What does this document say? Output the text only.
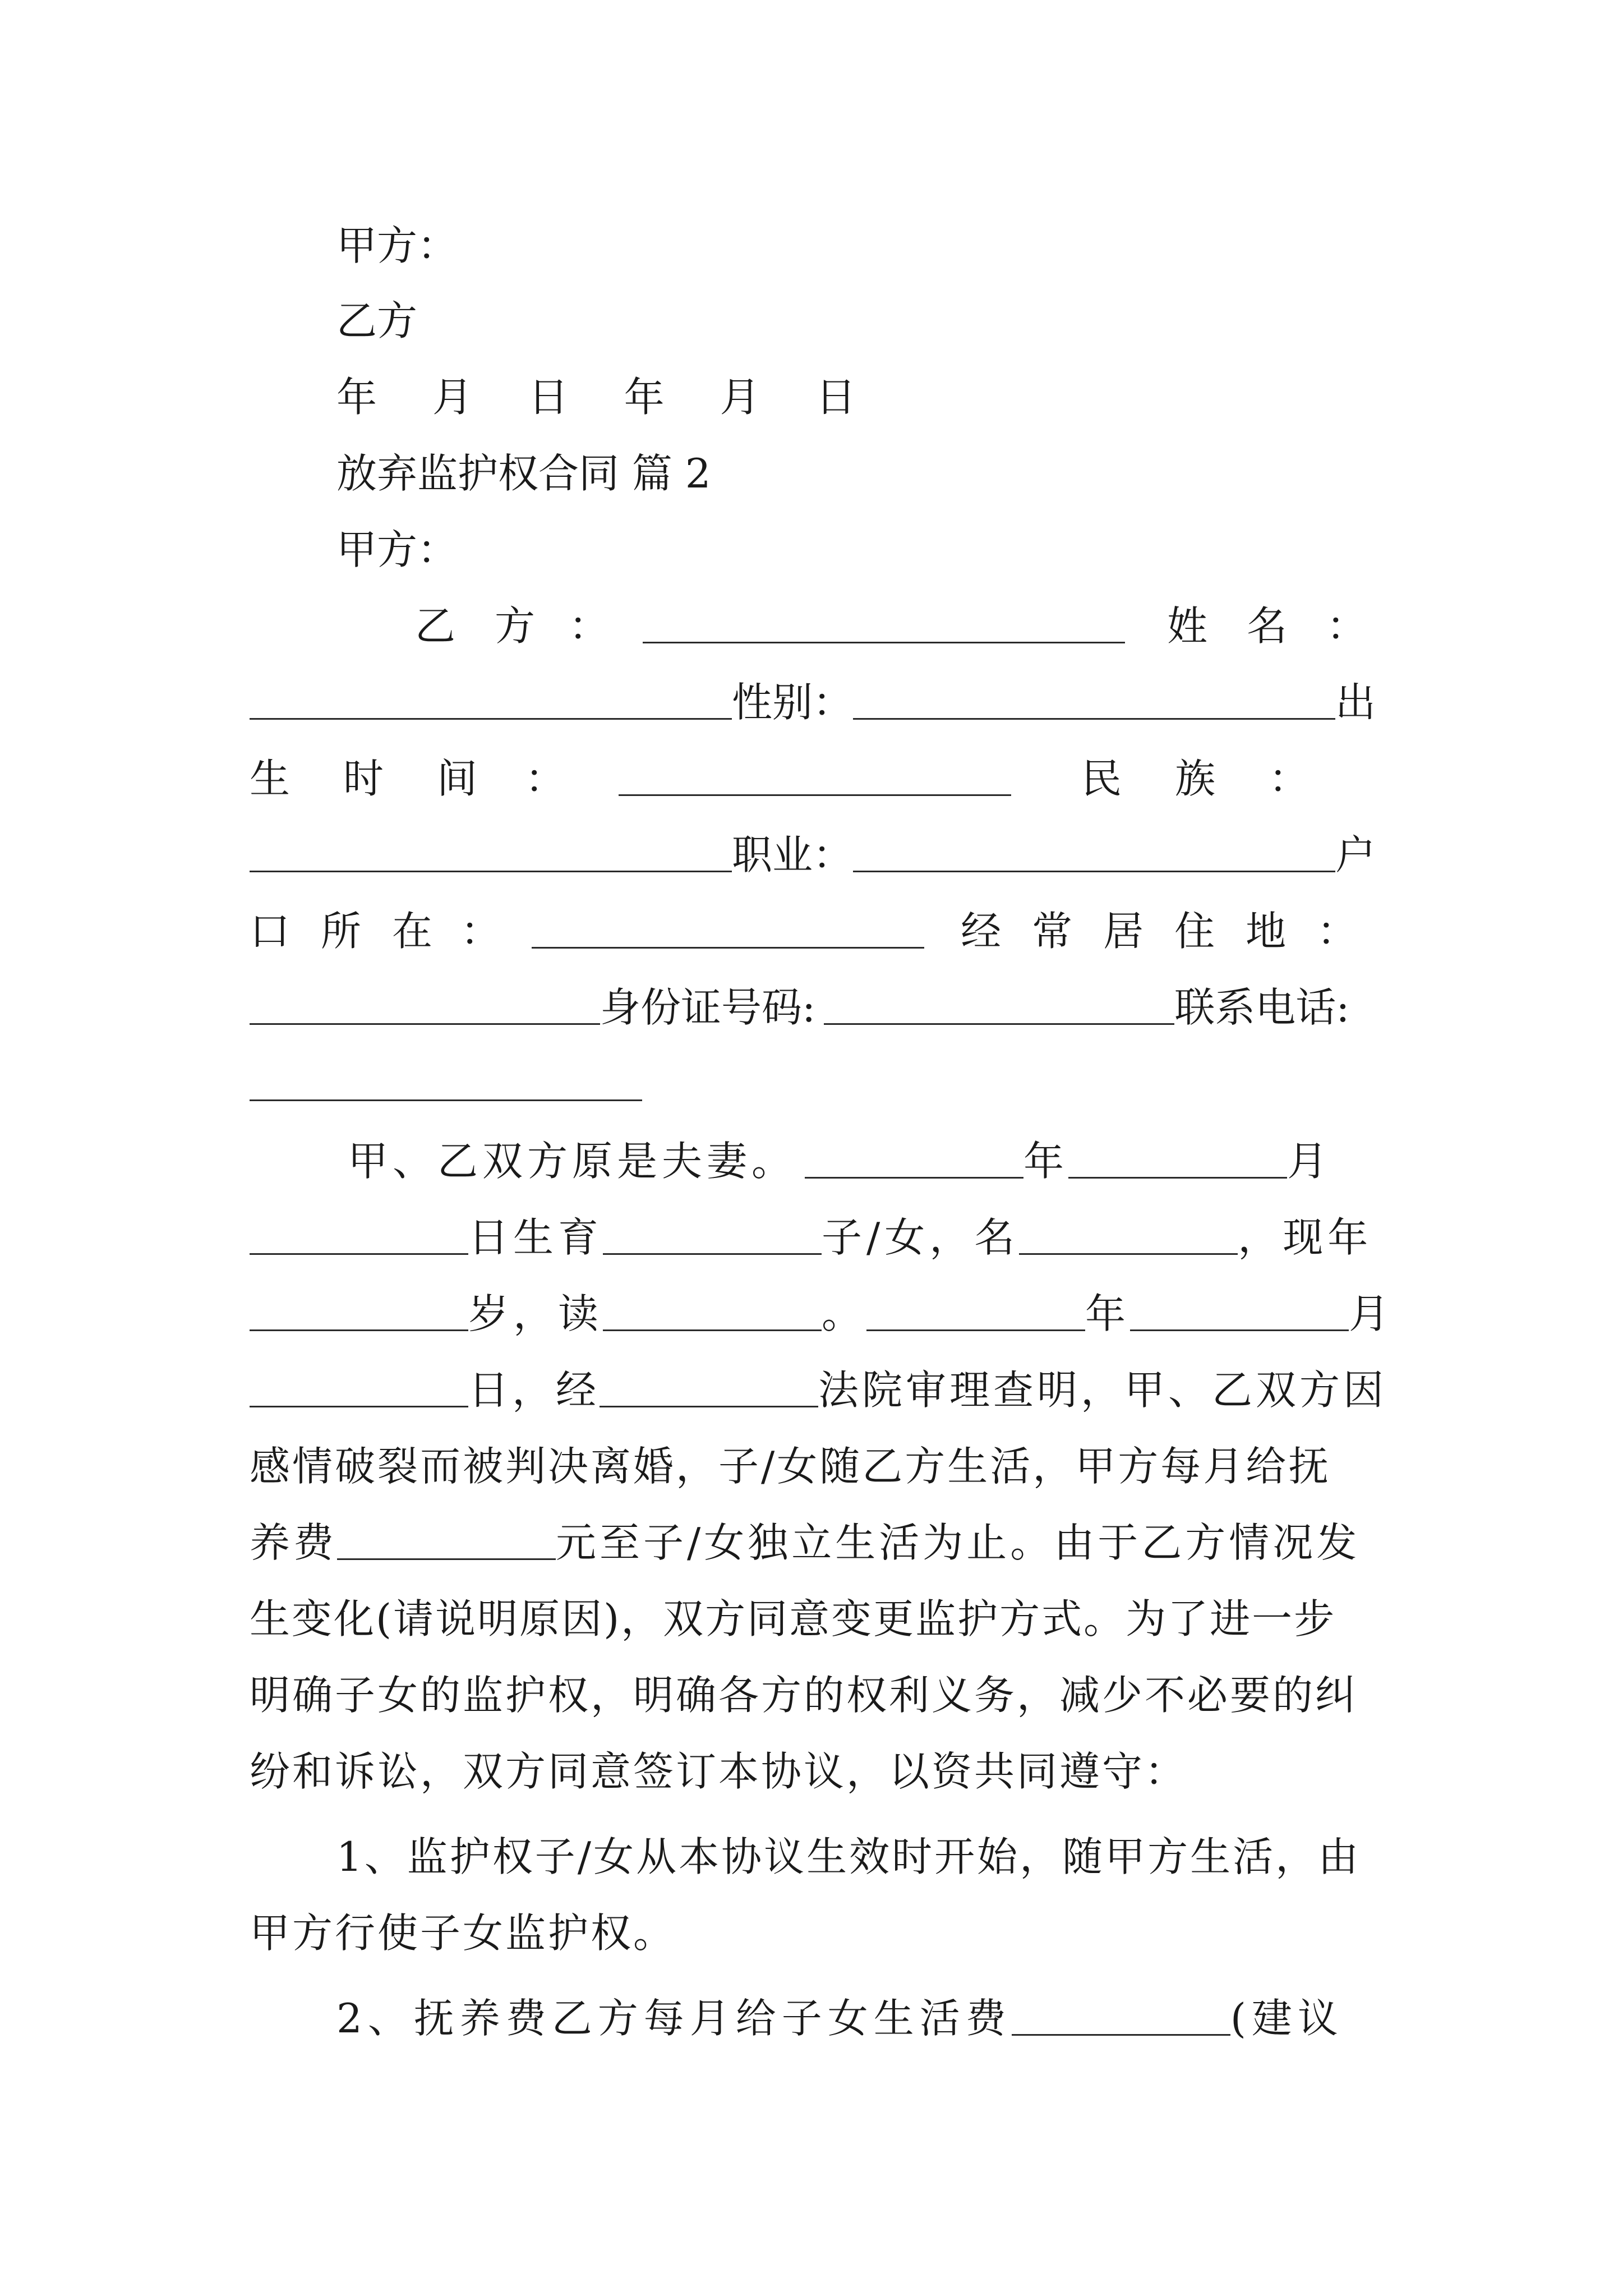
甲方：
乙方
年 月 日 年 月 日
放弃监护权合同 篇 2
甲方：
乙 方 ：	姓 名 ：
性别：	出
生 时 间 ：	民 族 ：
职业：	户
口 所 在 ：	经 常 居 住 地 ：
身份证号码:	联系电话:
甲、乙双方原是夫妻。	年	月
日生育	子/女，名	，现年
岁，读	。	年	月
日，经	法院审理查明，甲、乙双方因
感情破裂而被判决离婚，子/女随乙方生活，甲方每月给抚
养费	元至子/女独立生活为止。由于乙方情况发
生变化(请说明原因)，双方同意变更监护方式。为了进一步
明确子女的监护权，明确各方的权利义务，减少不必要的纠
纷和诉讼，双方同意签订本协议，以资共同遵守：
1、监护权子/女从本协议生效时开始，随甲方生活，由
甲方行使子女监护权。
2、抚养费乙方每月给子女生活费	(建议
